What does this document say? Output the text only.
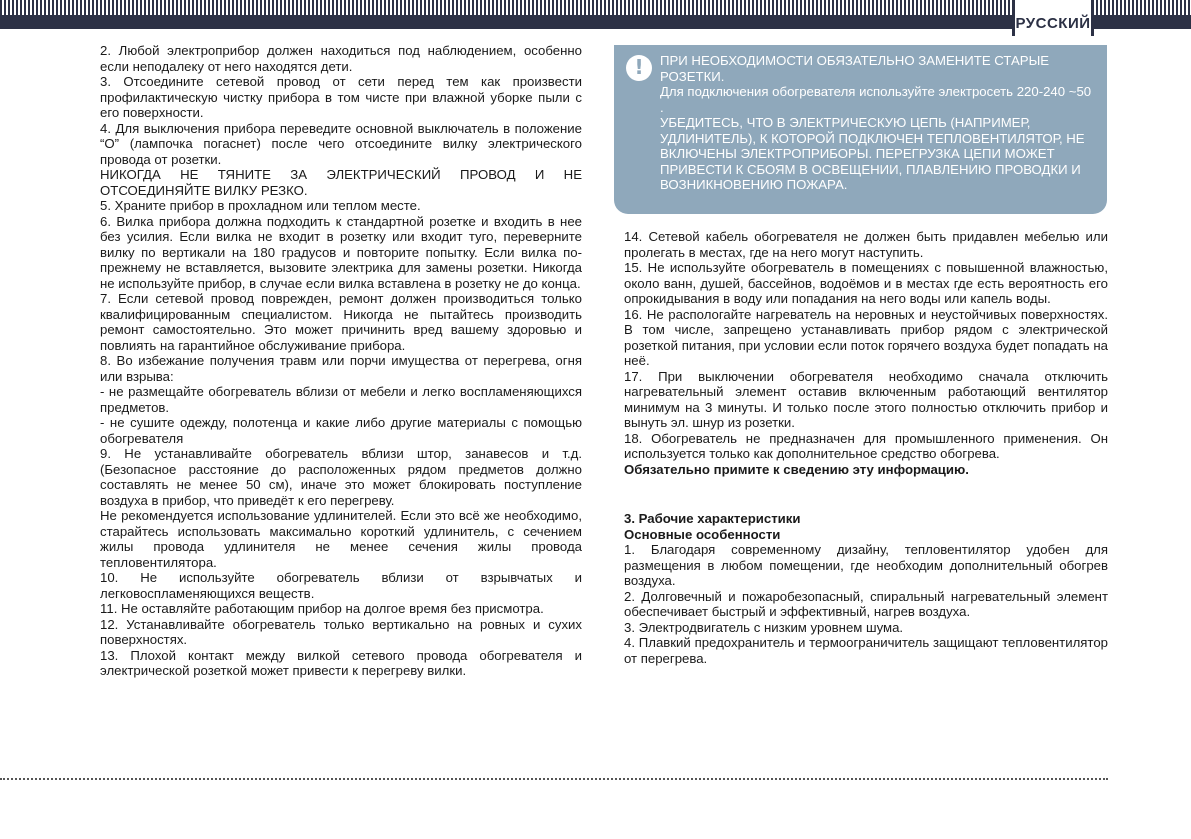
РУССКИЙ

2. Любой электроприбор должен находиться под наблюдением, особенно если неподалеку от него находятся дети.

3. Отсоедините сетевой провод от сети перед тем как произвести профилактическую чистку прибора в том чисте при влажной уборке пыли с его поверхности.

4. Для выключения прибора переведите основной выключатель в положение “О” (лампочка погаснет) после чего отсоедините вилку электрического провода от розетки.

НИКОГДА НЕ ТЯНИТЕ ЗА ЭЛЕКТРИЧЕСКИЙ ПРОВОД И НЕ ОТСОЕДИНЯЙТЕ ВИЛКУ РЕЗКО.

5. Храните прибор в прохладном или теплом месте.

6. Вилка прибора должна подходить к стандартной розетке и входить в нее без усилия. Если вилка не входит в розетку или входит туго, переверните вилку по вертикали на 180 градусов и повторите попытку. Если вилка по-прежнему не вставляется, вызовите электрика для замены розетки. Никогда не используйте прибор, в случае если вилка вставлена в розетку не до конца.

7. Если сетевой провод поврежден, ремонт должен производиться только квалифицированным специалистом. Никогда не пытайтесь производить ремонт самостоятельно. Это может причинить вред вашему здоровью и повлиять на гарантийное обслуживание прибора.

8. Во избежание получения травм или порчи имущества от перегрева, огня или взрыва:

- не размещайте обогреватель вблизи от мебели и легко воспламеняющихся предметов.

- не сушите одежду, полотенца и какие либо другие материалы с помощью обогревателя

9. Не устанавливайте обогреватель вблизи штор, занавесов и т.д. (Безопасное расстояние до расположенных рядом предметов должно составлять не менее 50 см), иначе это может блокировать поступление воздуха в прибор, что приведёт к его перегреву.

Не рекомендуется использование удлинителей. Если это всё же необходимо, старайтесь использовать максимально короткий удлинитель, с сечением жилы провода удлинителя не менее сечения жилы провода тепловентилятора.

10. Не используйте обогреватель вблизи от взрывчатых и легковоспламеняющихся веществ.

11. Не оставляйте работающим прибор на долгое время без присмотра.

12. Устанавливайте обогреватель только вертикально на ровных и сухих поверхностях.

13. Плохой контакт между вилкой сетевого провода обогревателя и электрической розеткой может привести к перегреву вилки.

!	ПРИ НЕОБХОДИМОСТИ ОБЯЗАТЕЛЬНО ЗАМЕНИТЕ СТАРЫЕ РОЗЕТКИ.

Для подключения обогревателя используйте электросеть 220-240 ~50 .

УБЕДИТЕСЬ, ЧТО В ЭЛЕКТРИЧЕСКУЮ ЦЕПЬ (НАПРИМЕР, УДЛИНИТЕЛЬ), К КОТОРОЙ ПОДКЛЮЧЕН ТЕПЛОВЕНТИЛЯТОР, НЕ ВКЛЮЧЕНЫ ЭЛЕКТРОПРИБОРЫ. ПЕРЕГРУЗКА ЦЕПИ МОЖЕТ ПРИВЕСТИ К СБОЯМ В ОСВЕЩЕНИИ, ПЛАВЛЕНИЮ ПРОВОДКИ И ВОЗНИКНОВЕНИЮ ПОЖАРА.

14. Сетевой кабель обогревателя не должен быть придавлен мебелью или пролегать в местах, где на него могут наступить.

15. Не используйте обогреватель в помещениях с повышенной влажностью, около ванн, душей, бассейнов, водоёмов и в местах где есть вероятность его опрокидывания в воду или попадания на него воды или капель воды.

16. Не распологайте нагреватель на неровных и неустойчивых поверхностях. В том числе, запрещено устанавливать прибор рядом с электрической розеткой питания, при условии если поток горячего воздуха будет попадать на неё.

17. При выключении обогревателя необходимо сначала отключить нагревательный элемент оставив включенным работающий вентилятор минимум на 3 минуты. И только после этого полностью отключить прибор и вынуть эл. шнур из розетки.

18. Обогреватель не предназначен для промышленного применения. Он используется только как дополнительное средство обогрева.

Обязательно примите к сведению эту информацию.

3. Рабочие характеристики

Основные особенности

1. Благодаря современному дизайну, тепловентилятор удобен для размещения в любом помещении, где необходим дополнительный обогрев воздуха.

2. Долговечный и пожаробезопасный, спиральный нагревательный элемент обеспечивает быстрый и эффективный, нагрев воздуха.

3. Электродвигатель с низким уровнем шума.

4. Плавкий предохранитель и термоограничитель защищают тепловентилятор от перегрева.
